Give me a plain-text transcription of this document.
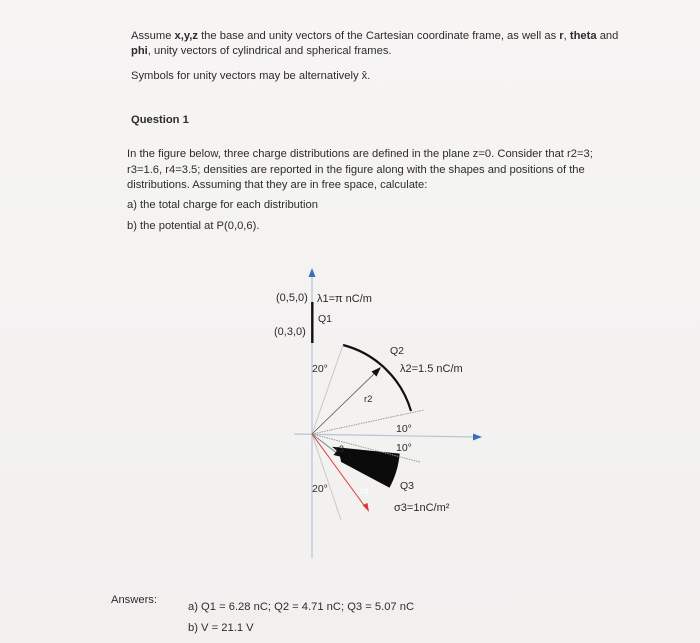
Assume x,y,z the base and unity vectors of the Cartesian coordinate frame, as well as r, theta and
phi, unity vectors of cylindrical and spherical frames.
Symbols for unity vectors may be alternatively x̂.
Question 1
In the figure below, three charge distributions are defined in the plane z=0. Consider that r2=3;
r3=1.6, r4=3.5; densities are reported in the figure along with the shapes and positions of the
distributions. Assuming that they are in free space, calculate:
a) the total charge for each distribution
b) the potential at P(0,0,6).
(0,5,0)
(0,3,0)
λ1=π nC/m
Q1
Q2
λ2=1.5 nC/m
20°
r2
10°
10°
r3
20°	r4	Q3
σ3=1nC/m²
Answers:
a) Q1 = 6.28 nC; Q2 = 4.71 nC; Q3 = 5.07 nC
b) V = 21.1 V
